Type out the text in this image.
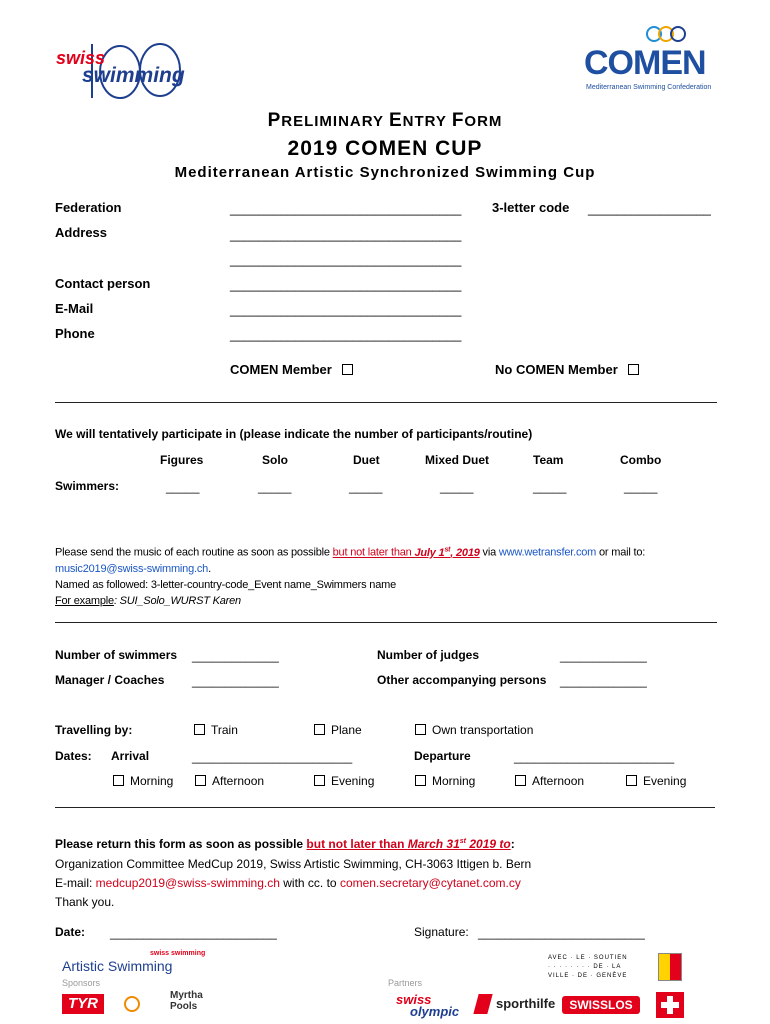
swiss
swimming	COMEN
Mediterranean Swimming Confederation
PRELIMINARY ENTRY FORM
2019 COMEN CUP
Mediterranean Artistic Synchronized Swimming Cup
Federation	________________________________ 3-letter code _________________
Address	________________________________
________________________________
Contact person	________________________________
E-Mail	________________________________
Phone	________________________________
COMEN Member	No COMEN Member
We will tentatively participate in (please indicate the number of participants/routine)
Figures	Solo	Duet	Mixed Duet	Team	Combo
Swimmers:	_____	_____	_____	_____	_____	_____
Please send the music of each routine as soon as possible but not later than July 1st, 2019 via www.wetransfer.com or mail to:
music2019@swiss-swimming.ch.
Named as followed: 3-letter-country-code_Event name_Swimmers name
For example: SUI_Solo_WURST Karen
Number of swimmers _____________	Number of judges	_____________
Manager / Coaches _____________	Other accompanying persons _____________
Travelling by:	Train	Plane	Own transportation
Dates: Arrival	________________________	Departure	________________________
Morning	Afternoon	Evening	Morning	Afternoon	Evening
Please return this form as soon as possible but not later than March 31st 2019 to:
Organization Committee MedCup 2019, Swiss Artistic Swimming, CH-3063 Ittigen b. Bern
E-mail: medcup2019@swiss-swimming.ch with cc. to comen.secretary@cytanet.com.cy
Thank you.
Date: _________________________	Signature: _________________________
swiss swimming
Artistic Swimming	AVEC · LE · SOUTIEN
· · · · · · · · DE · LA
VILLE · DE · GENÈVE
Sponsors	Partners
TYR	Myrtha
Pools	swiss
olympic
sporthilfe	SWISSLOS
